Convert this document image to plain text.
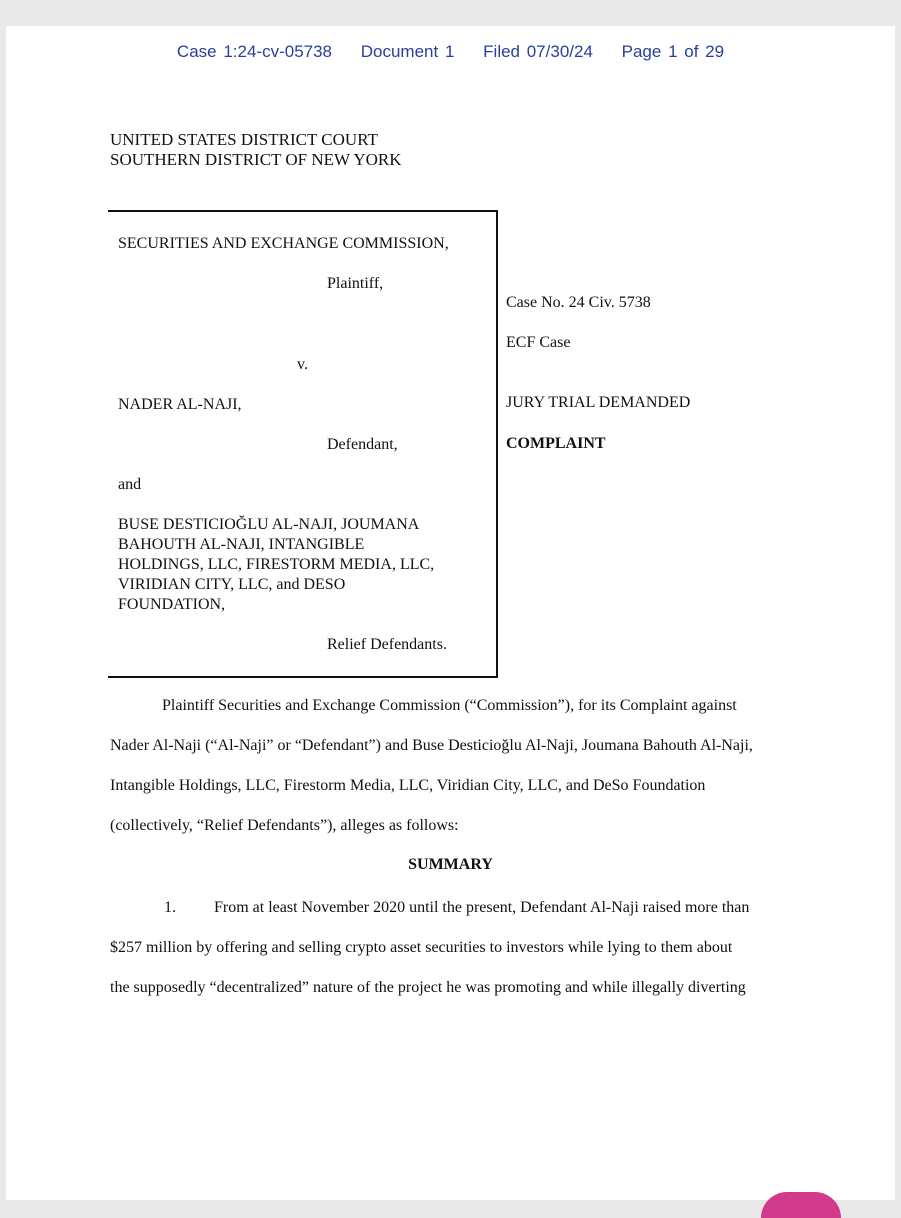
Case 1:24-cv-05738 Document 1 Filed 07/30/24 Page 1 of 29
UNITED STATES DISTRICT COURT
SOUTHERN DISTRICT OF NEW YORK
SECURITIES AND EXCHANGE COMMISSION,
Plaintiff,
v.
NADER AL-NAJI,
Defendant,
and
BUSE DESTICIOĞLU AL-NAJI, JOUMANA
BAHOUTH AL-NAJI, INTANGIBLE
HOLDINGS, LLC, FIRESTORM MEDIA, LLC,
VIRIDIAN CITY, LLC, and DESO
FOUNDATION,
Relief Defendants.
Case No. 24 Civ. 5738
ECF Case
JURY TRIAL DEMANDED
COMPLAINT
Plaintiff Securities and Exchange Commission (“Commission”), for its Complaint against
Nader Al-Naji (“Al-Naji” or “Defendant”) and Buse Desticioğlu Al-Naji, Joumana Bahouth Al-Naji,
Intangible Holdings, LLC, Firestorm Media, LLC, Viridian City, LLC, and DeSo Foundation
(collectively, “Relief Defendants”), alleges as follows:
SUMMARY
1. From at least November 2020 until the present, Defendant Al-Naji raised more than
$257 million by offering and selling crypto asset securities to investors while lying to them about
the supposedly “decentralized” nature of the project he was promoting and while illegally diverting
